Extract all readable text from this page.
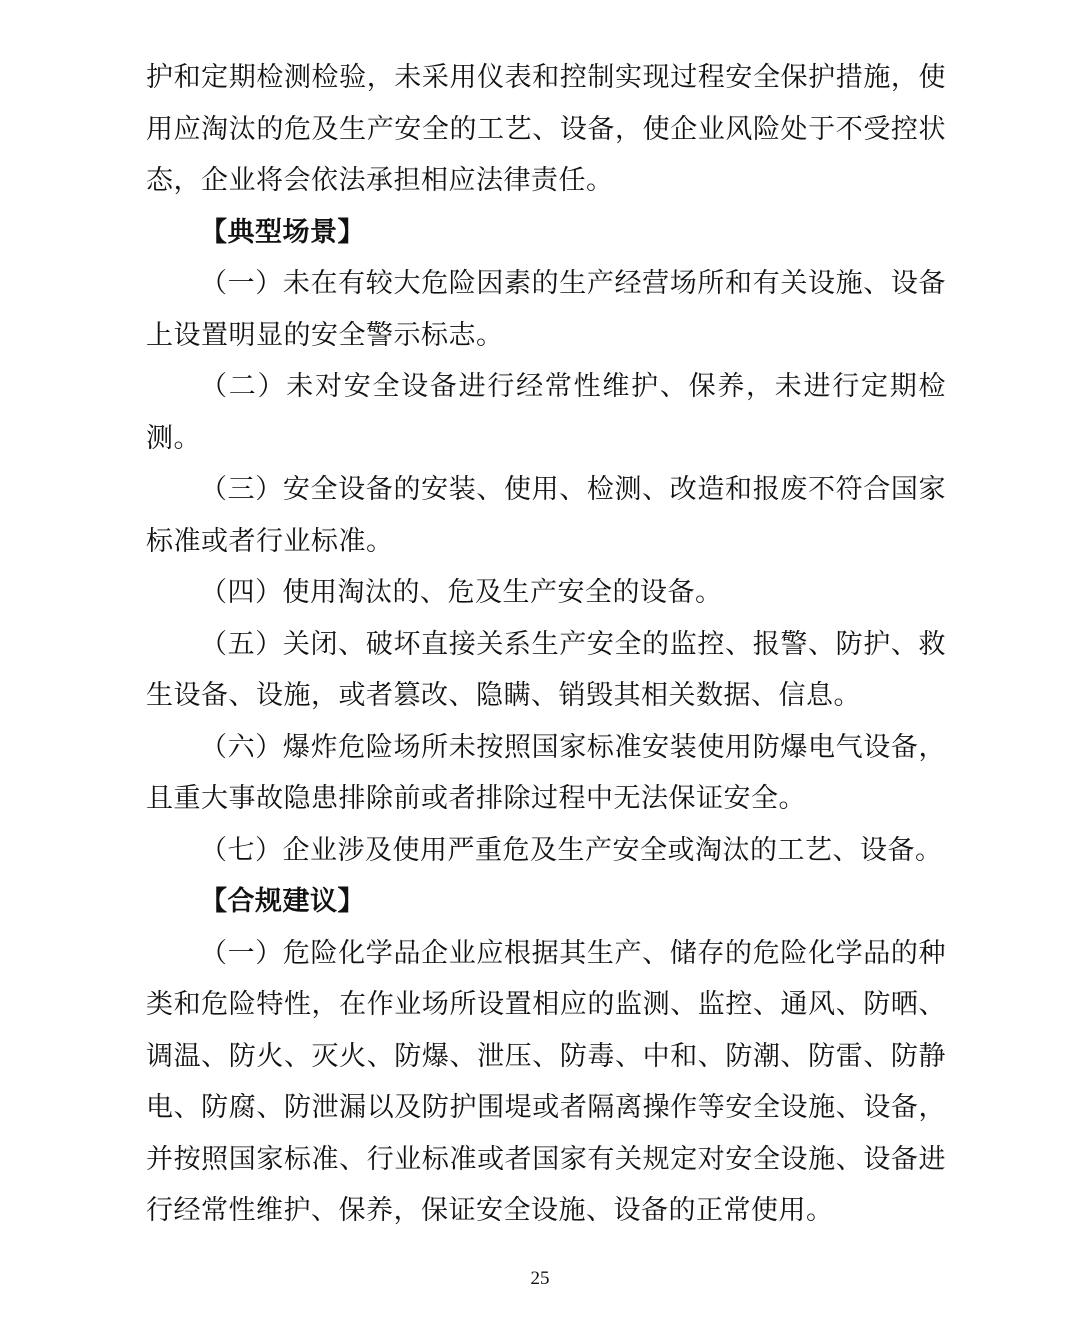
护和定期检测检验，未采用仪表和控制实现过程安全保护措施，使用应淘汰的危及生产安全的工艺、设备，使企业风险处于不受控状态，企业将会依法承担相应法律责任。

【典型场景】

（一）未在有较大危险因素的生产经营场所和有关设施、设备上设置明显的安全警示标志。

（二）未对安全设备进行经常性维护、保养，未进行定期检测。

（三）安全设备的安装、使用、检测、改造和报废不符合国家标准或者行业标准。

（四）使用淘汰的、危及生产安全的设备。

（五）关闭、破坏直接关系生产安全的监控、报警、防护、救生设备、设施，或者篡改、隐瞒、销毁其相关数据、信息。

（六）爆炸危险场所未按照国家标准安装使用防爆电气设备，且重大事故隐患排除前或者排除过程中无法保证安全。

（七）企业涉及使用严重危及生产安全或淘汰的工艺、设备。

【合规建议】

（一）危险化学品企业应根据其生产、储存的危险化学品的种类和危险特性，在作业场所设置相应的监测、监控、通风、防晒、调温、防火、灭火、防爆、泄压、防毒、中和、防潮、防雷、防静电、防腐、防泄漏以及防护围堤或者隔离操作等安全设施、设备，并按照国家标准、行业标准或者国家有关规定对安全设施、设备进行经常性维护、保养，保证安全设施、设备的正常使用。

25
